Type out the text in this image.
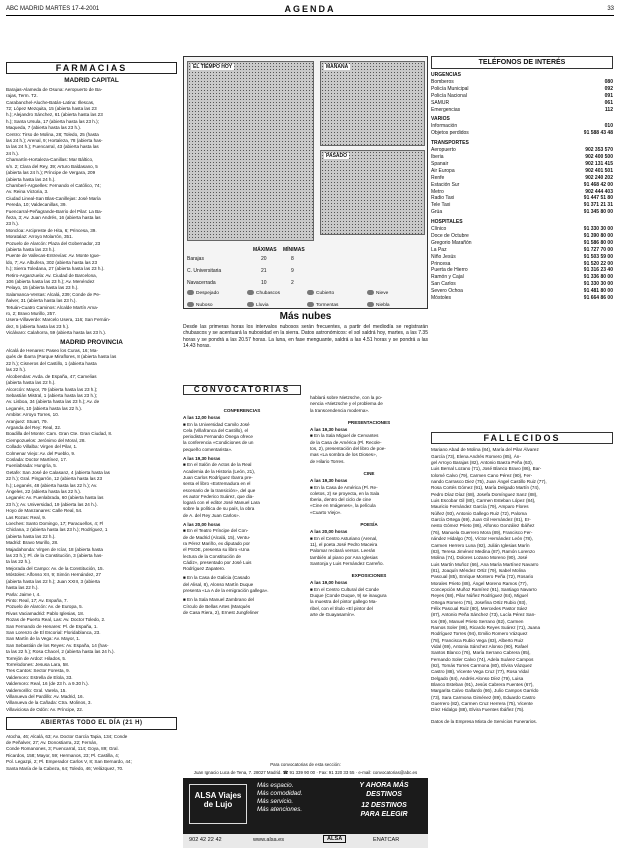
ABC MADRID MARTES 17-4-2001	AGENDA	33
FARMACIAS
MADRID CAPITAL
Barajas-Alameda de Osuna: Aeropuerto de Ba-
rajas, Term. T2.
Carabanchel-Aluche-Batán-Latina: Illescas,
72; López Mezquita, 15 (abierta hasta las 23
h.); Alejandro Sánchez, 61 (abierta hasta las 23
h.); Santa Ursula, 17 (abierta hasta las 23 h.);
Maqueda, 7 (abierta hasta las 23 h.).
Centro: Tirso de Molina, 28; Toledo, 25 (hasta
las 24 h.); Arenal, 9; Hortaleza, 78 (abierta has-
ta las 24 h.); Fuencarral, 43 (abierta hasta las
24 h.).
Chamartín-Hortaleza-Canillas: Mar Báltico,
s/n. 2; Clara del Rey, 39; Arturo Baldasano, 5
(abierta las 24 h.); Príncipe de Vergara, 209
(abierta hasta las 24 h.).
Chamberí-Argüelles: Fernando el Católico, 74;
Av. Reina Victoria, 3.
Ciudad Lineal-San Blas-Canillejas: José María
Pereda, 10; Valdecanillas, 39.
Fuencarral-Peñagrande-Barrio del Pilar: La Ba-
ñeza, 3; Av. Juan Andrés, 16 (abierta hasta las
23 h.).
Moncloa: Arcipreste de Hita, 6; Princesa, 39.
Moratalaz: Arroyo Molarrón, 351.
Pozuelo de Alarcón: Plaza del Gobernador, 23
(abierta hasta las 23 h.).
Puente de Vallecas-Entrevías: Av. Monte Igue-
ldo, 7; Av. Albufera, 302 (abierta hasta las 23
h.); Sierra Toledana, 27 (abierta hasta las 23 h.).
Retiro-Arganzuela: Av. Ciudad de Barcelona,
106 (abierta hasta las 23 h.); Av. Menéndez
Pelayo, 15 (abierta hasta las 23 h.).
Salamanca-Ventas: Alcalá, 239; Conde de Pe-
ñalver, 31 (abierta hasta las 23 h.).
Tetuán-Cuatro Caminos: Alcalde Martín Ama-
ro, 2; Bravo Murillo, 257.
Usera-Villaverde: Marcelo Usera, 116; San Fernán-
dez, 5 (abierta hasta las 23 h.).
Vicálvaro: Calahorra, 59 (abierta hasta las 23 h.).
MADRID PROVINCIA
Alcalá de Henares: Paseo los Curas, 16; Ma-
qués de Ibarra (Parque Miraflores, 8 (abierta hasta las
22 h.); Cisneros del Castillo, 1 (abierta hasta
las 22 h.).
Alcobendas: Avda. de España, 47; Camelias
(abierta hasta las 22 h.).
Alcorcón: Mayor, 79 (abierta hasta las 23 h.);
Sebastián Mistral, 1 (abierta hasta las 23 h.);
Av. Lisboa, 34 (abierta hasta las 23 h.); Av. de
Leganés, 10 (abierta hasta las 22 h.).
Ambite: Arroyo Torres, 10.
Aranjuez: Stuart, 79.
Arganda del Rey: Real, 32.
Boadilla del Monte: Cam. Gran Cte. Gran Ciudad, 8.
Ciempozuelos: Jerónimo del Moral, 28.
Collado Villalba: Virgen del Pilar, 1.
Colmenar Viejo: Av. del Pueblo, 9.
Coslada: Doctor Martínez, 17.
Fuenlabrada: Hungría, 5.
Getafe: San José de Calasanz, 4 (abierta hasta las
22 h.); Gral. Pingarrón, 12 (abierta hasta las 23
h.); Leganés, 48 (abierta hasta las 22 h.); Av.
Ángeles, 22 (abierta hasta las 22 h.).
Leganés: Av. Fuenlabrada, 60 (abierta hasta las
23 h.); Av. Universidad, 19 (abierta las 24 h.).
Hoyo de Manzanares: Calle Real, 54.
Las Rozas: Real, 9.
Loeches: Santo Domingo, 17; Paracuellos, 4; Fl
Chiclana, 2 (abierta hasta las 23 h.); Rodríguez, 1
(abierta hasta las 22 h.).
Madrid: Bravo Murillo, 28.
Majadahonda: Virgen de Icíar, 18 (abierta hasta
las 23 h.); Pl. de la Constitución, 3 (abierta has-
ta las 22 h.).
Mejorada del Campo: Av. de la Constitución, 15.
Móstoles: Alfonso XII, 9; Simón Hernández, 27
(abierta hasta las 22 h.); Juan XXIII, 3 (abierta
hasta las 22 h.).
Parla: Jaime I, 4.
Pinto: Real, 17; Av. España, 7.
Pozuelo de Alarcón: Av. de Europa, 5.
Rivas Vaciamadrid: Pablo Iglesias, 18.
Rozas de Puerto Real, Las: Av. Doctor Toledo, 2.
San Fernando de Henares: Pl. de España, 1.
San Lorenzo de El Escorial: Floridablanca, 23.
San Martín de la Vega: Av. Mayor, 1.
San Sebastián de los Reyes: Av. España, 14 (has-
ta las 22 h.); Rosa Chacel, 2 (abierta hasta las 24 h.).
Torrejón de Ardoz: Hilados, 5.
Torrelodones: Jesusa Lara, 58.
Tres Cantos: Sector Foresta, 9.
Valdemoro: Estrella de Elola, 33.
Valdemoro: Real, 16 (de 23 h. a 9.30 h.).
Valdemorillo: Gral. Varela, 15.
Villanueva del Pardillo: Av. Madrid, 16.
Villanueva de la Cañada: Ctra. Molinos, 3.
Villaviciosa de Odón: Av. Príncipe, 22.
ABIERTAS TODO EL DÍA (21 H)
Atocha, 46; Alcalá, 63; Av. Doctor García Tapia, 134; Conde
de Peñalver, 27; Av. Donostiarra, 22; Fernán,
Conde Romanones, 3; Fuencarral, 114; Goya, 89; Gral.
Ricardos, 158; Mayor, 59; Hermanos, 23; Pl. Castilla, 4;
Pol. Legazpi, 2; Pl. Emperador Carlos V, 8; San Bernardo, 44;
Santa María de la Cabeza, 64; Toledo, 46; Velázquez, 70.
EL TIEMPO HOY	MAÑANA
PASADO
MÁXIMAS MÍNIMAS
Barajas	20	8
C. Universitaria	21	9
Navacerrada	10	2
Despejado	Chubascos	Cubierto	Nieve
Nuboso	Lluvia	Tormentas	Niebla
Más nubes
Desde las primeras horas los intervalos nubosos serán frecuentes, a partir del mediodía se registrarán chubascos y se acentuará la nubosidad en la sierra. Datos astronómicos: el sol saldrá hoy, martes, a las 7.35 horas y se pondrá a las 20.57 horas. La luna, en fase menguante, saldrá a las 4.51 horas y se pondrá a las 14.43 horas.
CONVOCATORIAS
CONFERENCIAS
A las 12,00 horas
■ En la Universidad Camilo José
Cela (Villafranca del Castillo), el
periodista Fernando Ónega ofrece
la conferencia «Condiciones de un
pequeño comentarista».
A las 19,30 horas
■ En el Salón de Actos de la Real
Academia de la Historia (León, 21),
Juan Carlos Rodríguez Ibarra pre-
senta el libro «Extremadura en el
escenario de la transición», del que
es autor Federico Suárez, que dia-
logará con el editor José Manuel Lara
sobre la política de su país, la obra
de A. del Rey Juan Carlos».
A las 20,00 horas
■ En el Teatro Príncipe del Con-
de de Madrid (Alcalá, 15), Ventu-
ra Pérez Mariño, ex diputado por
el PSOE, presenta su libro «Una
lectura de la Constitución de
Cádiz», presentado por José Luis
Rodríguez Zapatero.
■ En la Casa de Galicia (Casado
del Alisal, 8), Alonso Martín Duque
presenta «La A de la emigración gallega».
■ En la Sala Manuel Zambrano del
Círculo de Bellas Artes (Marqués
de Casa Riera, 2), Ernest Jungfeliner
hablará sobre Nietzsche, con la po-
nencia «Nietzsche y el problema de
la transcendencia moderna».
PRESENTACIONES
A las 19,30 horas
■ En la Sala Miguel de Cervantes
de la Casa de América (Pl. Recole-
tos, 2), presentación del libro de poe-
mas «La sombra de los Dioses»,
de Hilario Torres.
CINE
A las 19,30 horas
■ En la Casa de América (Pl. Re-
coletos, 2) se proyecta, en la Sala
Iberia, dentro del ciclo de cine
«Cine en Imágenes», la película
«Cuarto Viejo».
POESÍA
A las 20,00 horas
■ En el Centro Asturiano (Arenal,
11), el poeta José Pedro Maceira
Palomar recitará versos. Leerán
también al piano por Ana Iglesias
Santonja y Luis Fernández Carreño.
EXPOSICIONES
A las 19,00 horas
■ En el Centro Cultural del Conde
Duque (Conde Duque, 9) se inaugura
la muestra del pintor gallego Ma-
ribel, con el título «El pintor del
arte de Guayasamín».
Para convocatorias de esta sección:
Juan Ignacio Luca de Tena, 7. 28027 Madrid. ☎ 91 339 90 00 · Fax: 91 320 33 55 · e-mail: convocatorias@abc.es
ALSA Viajes de Lujo
Más espacio.
Más comodidad.
Más servicio.
Más atenciones.
Y AHORA MÁS
DESTINOS
12 DESTINOS
PARA ELEGIR
902 42 22 42	www.alsa.es	ALSA	ENATCAR
TELÉFONOS DE INTERÉS
URGENCIAS
Bomberos	080
Policía Municipal	092
Policía Nacional	091
SAMUR	061
Emergencias	112
VARIOS
Información	010
Objetos perdidos	91 588 43 48
TRANSPORTES
Aeropuerto	902 353 570
Iberia	902 400 500
Spanair	902 131 415
Air Europa	902 401 501
Renfe	902 240 202
Estación Sur	91 468 42 00
Metro	902 444 403
Radio Taxi	91 447 51 80
Tele Taxi	91 371 21 31
Grúa	91 345 80 00
HOSPITALES
Clínico	91 330 30 00
Doce de Octubre	91 390 80 00
Gregorio Marañón	91 586 80 00
La Paz	91 727 70 00
Niño Jesús	91 503 59 00
Princesa	91 520 22 00
Puerta de Hierro	91 316 23 40
Ramón y Cajal	91 336 80 00
San Carlos	91 330 30 00
Severo Ochoa	91 481 80 00
Móstoles	91 664 86 00
FALLECIDOS
Mariano Abad de Molina (84), María del Pilar Álvarez
García (73), Elena Andrés Romero (85), Án-
gel Arroyo Barajas (82), Antonio Baeza Peña (63),
Luis Bernal Lozano (71), José Blanco Bravo (86), Bar-
tolomé Calvo (79), Carmen Cano Pérez (90), Fer-
nando Carrasco Diez (75), Juan Ángel Castillo Ruiz (77),
Rosa Cortés Gómez (91), María Delgado Martín (74),
Pedro Díaz Díaz (68), Josefa Domínguez Sanz (88),
Luis Escobar Gil (80), Carmen Esteban López (84),
Mauricio Fernández García (79), Amparo Flores
Núñez (93), Antonio Gallego Ruiz (72), Paloma
García Ortega (69), Juan Gil Hernández (81), Er-
nesto Gómez Prieto (86), Alfonso González Ibáñez
(76), Manuela Guerrero Mora (89), Francisco Fer-
nández Hidalgo (70), Víctor Hernández León (78),
Carmen Herrero Luna (92), Julián Iglesias Marín
(83), Teresa Jiménez Medina (87), Ramón Lorenzo
Molina (74), Dolores Lozano Moreno (90), José
Luis Martín Muñoz (66), Ana María Martínez Navarro
(81), Joaquín Méndez Ortiz (79), Isabel Molina
Pascual (85), Enrique Montero Peña (72), Rosario
Morales Prieto (88), Ángel Moreno Ramos (77),
Concepción Muñoz Ramírez (91), Santiago Navarro
Reyes (68), Pilar Núñez Rodríguez (84), Miguel
Ortega Romero (75), Josefina Ortiz Rubio (93),
Félix Pascual Ruiz (80), Mercedes Pastor Sáez
(87), Antonio Peña Sánchez (73), Lucía Pérez San-
tos (89), Manuel Prieto Serrano (82), Carmen
Ramos Soler (86), Ricardo Reyes Suárez (71), Juana
Rodríguez Torres (94), Emilio Romero Vázquez
(78), Francisca Rubio Vega (83), Alberto Ruiz
Vidal (69), Antonia Sánchez Alonso (90), Rafael
Santos Blanco (76), María Serrano Cabrera (85),
Fernando Soler Calvo (74), Adela Suárez Campos
(92), Tomás Torres Carmona (80), Elvira Vázquez
Castro (88), Vicente Vega Cruz (77), Rosa Vidal
Delgado (84), Andrés Alonso Díez (79), Luisa
Blanco Esteban (91), Jesús Cabrera Fuentes (67),
Margarita Calvo Gallardo (86), Julio Campos Garrido
(73), Sara Carmona Giménez (89), Eduardo Castro
Guerrero (82), Carmen Cruz Herrera (75), Vicente
Díez Hidalgo (88), Elvira Fuentes Ibáñez (75).
Datos de la Empresa Mixta de Servicios Funerarios.
